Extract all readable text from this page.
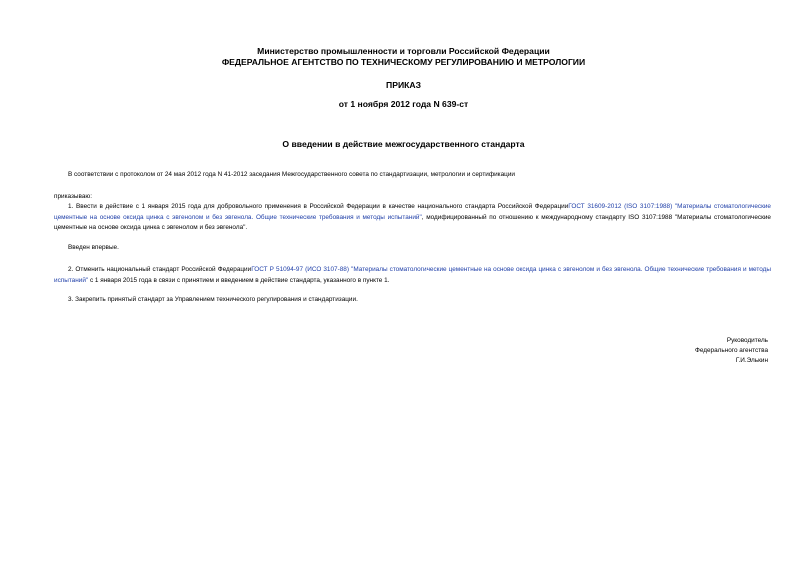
Министерство промышленности и торговли Российской Федерации
ФЕДЕРАЛЬНОЕ АГЕНТСТВО ПО ТЕХНИЧЕСКОМУ РЕГУЛИРОВАНИЮ И МЕТРОЛОГИИ
ПРИКАЗ
от 1 ноября 2012 года N 639-ст
О введении в действие межгосударственного стандарта
В соответствии с протоколом от 24 мая 2012 года N 41-2012 заседания Межгосударственного совета по стандартизации, метрологии и сертификации
приказываю:
1. Ввести в действие с 1 января 2015 года для добровольного применения в Российской Федерации в качестве национального стандарта Российской ФедерацииГОСТ 31609-2012 (ISO 3107:1988) "Материалы стоматологические цементные на основе оксида цинка с эвгенолом и без эвгенола. Общие технические требования и методы испытаний", модифицированный по отношению к международному стандарту ISO 3107:1988 "Материалы стоматологические цементные на основе оксида цинка с эвгенолом и без эвгенола".
Введен впервые.
2. Отменить национальный стандарт Российской ФедерацииГОСТ Р 51094-97 (ИСО 3107-88) "Материалы стоматологические цементные на основе оксида цинка с эвгенолом и без эвгенола. Общие технические требования и методы испытаний" с 1 января 2015 года в связи с принятием и введением в действие стандарта, указанного в пункте 1.
3. Закрепить принятый стандарт за Управлением технического регулирования и стандартизации.
Руководитель
Федерального агентства
Г.И.Элькин
